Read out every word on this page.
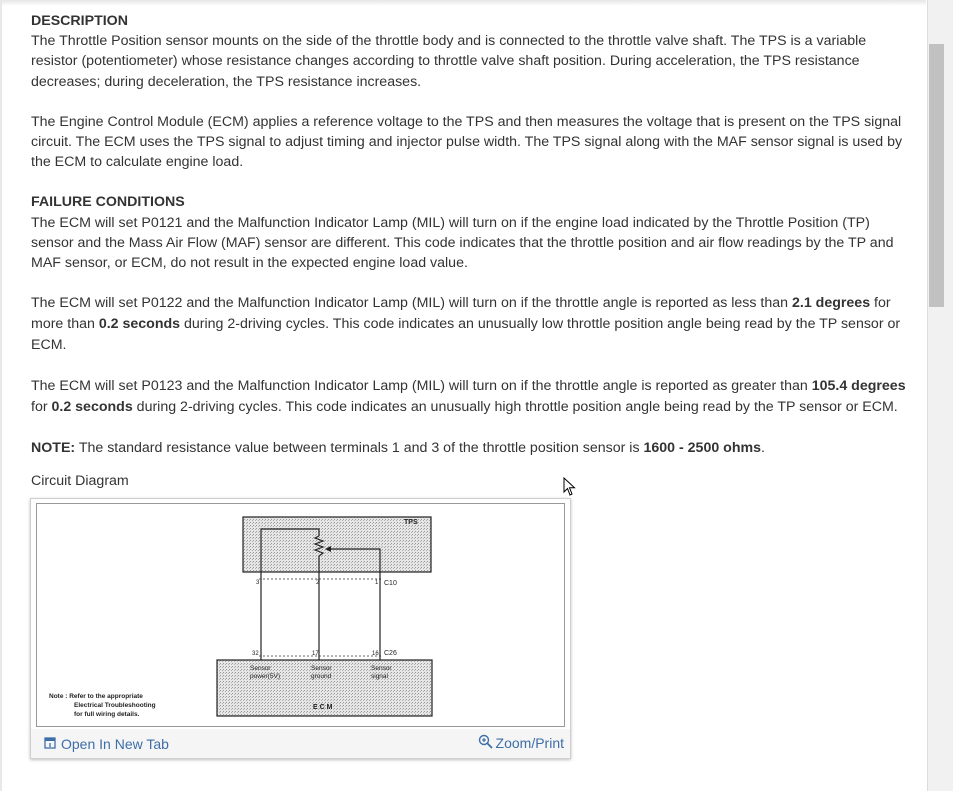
DESCRIPTION

The Throttle Position sensor mounts on the side of the throttle body and is connected to the throttle valve shaft. The TPS is a variable resistor (potentiometer) whose resistance changes according to throttle valve shaft position. During acceleration, the TPS resistance decreases; during deceleration, the TPS resistance increases.

The Engine Control Module (ECM) applies a reference voltage to the TPS and then measures the voltage that is present on the TPS signal circuit. The ECM uses the TPS signal to adjust timing and injector pulse width. The TPS signal along with the MAF sensor signal is used by the ECM to calculate engine load.

FAILURE CONDITIONS

The ECM will set P0121 and the Malfunction Indicator Lamp (MIL) will turn on if the engine load indicated by the Throttle Position (TP) sensor and the Mass Air Flow (MAF) sensor are different. This code indicates that the throttle position and air flow readings by the TP and MAF sensor, or ECM, do not result in the expected engine load value.

The ECM will set P0122 and the Malfunction Indicator Lamp (MIL) will turn on if the throttle angle is reported as less than 2.1 degrees for more than 0.2 seconds during 2-driving cycles. This code indicates an unusually low throttle position angle being read by the TP sensor or ECM.

The ECM will set P0123 and the Malfunction Indicator Lamp (MIL) will turn on if the throttle angle is reported as greater than 105.4 degrees for 0.2 seconds during 2-driving cycles. This code indicates an unusually high throttle position angle being read by the TP sensor or ECM.

NOTE: The standard resistance value between terminals 1 and 3 of the throttle position sensor is 1600 - 2500 ohms.

Circuit Diagram
TPS
C10
3	2	1
C26
32	17	16
Sensor
power(5V)
Sensor
ground
Sensor
signal
E C M
Note : Refer to the appropriate
Electrical Troubleshooting
for full wiring details.
Open In New Tab	Zoom/Print
